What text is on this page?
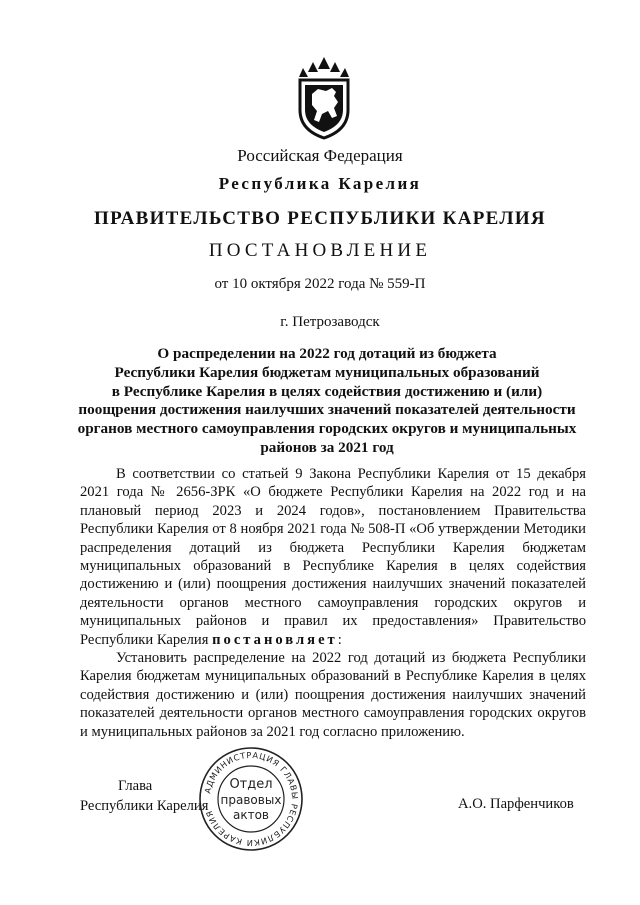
Российская Федерация
Республика Карелия
ПРАВИТЕЛЬСТВО РЕСПУБЛИКИ КАРЕЛИЯ
ПОСТАНОВЛЕНИЕ
от 10 октября 2022 года № 559-П
г. Петрозаводск
О распределении на 2022 год дотаций из бюджета
Республики Карелия бюджетам муниципальных образований
в Республике Карелия в целях содействия достижению и (или)
поощрения достижения наилучших значений показателей деятельности
органов местного самоуправления городских округов и муниципальных
районов за 2021 год

В соответствии со статьей 9 Закона Республики Карелия от 15 декабря 2021 года № 2656-ЗРК «О бюджете Республики Карелия на 2022 год и на плановый период 2023 и 2024 годов», постановлением Правительства Республики Карелия от 8 ноября 2021 года № 508-П «Об утверждении Методики распределения дотаций из бюджета Республики Карелия бюджетам муниципальных образований в Республике Карелия в целях содействия достижению и (или) поощрения достижения наилучших значений показателей деятельности органов местного самоуправления городских округов и муниципальных районов и правил их предоставления» Правительство Республики Карелия постановляет:

Установить распределение на 2022 год дотаций из бюджета Республики Карелия бюджетам муниципальных образований в Республике Карелия в целях содействия достижению и (или) поощрения достижения наилучших значений показателей деятельности органов местного самоуправления городских округов и муниципальных районов за 2021 год согласно приложению.

Глава
Республики Карелия	А.О. Парфенчиков
АДМИНИСТРАЦИЯ ГЛАВЫ РЕСПУБЛИКИ КАРЕЛИЯ
Отдел
правовых
актов
